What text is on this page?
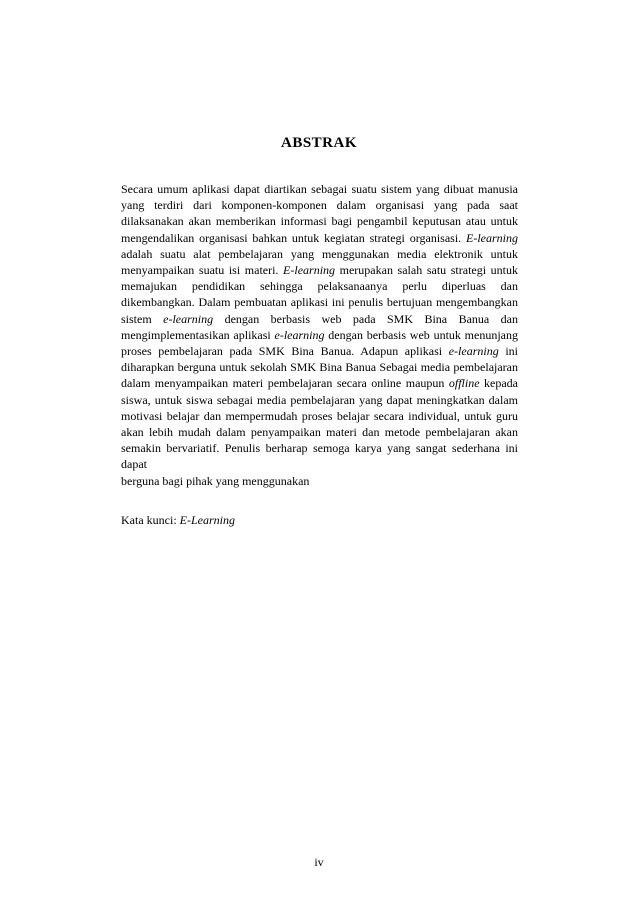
ABSTRAK
Secara umum aplikasi dapat diartikan sebagai suatu sistem yang dibuat manusia
yang terdiri dari komponen-komponen dalam organisasi yang pada saat
dilaksanakan akan memberikan informasi bagi pengambil keputusan atau untuk
mengendalikan organisasi bahkan untuk kegiatan strategi organisasi. E-learning
adalah suatu alat pembelajaran yang menggunakan media elektronik untuk
menyampaikan suatu isi materi. E-learning merupakan salah satu strategi untuk
memajukan pendidikan sehingga pelaksanaanya perlu diperluas dan
dikembangkan. Dalam pembuatan aplikasi ini penulis bertujuan mengembangkan
sistem e-learning dengan berbasis web pada SMK Bina Banua dan
mengimplementasikan aplikasi e-learning dengan berbasis web untuk menunjang
proses pembelajaran pada SMK Bina Banua. Adapun aplikasi e-learning ini
diharapkan berguna untuk sekolah SMK Bina Banua Sebagai media pembelajaran
dalam menyampaikan materi pembelajaran secara online maupun offline kepada
siswa, untuk siswa sebagai media pembelajaran yang dapat meningkatkan dalam
motivasi belajar dan mempermudah proses belajar secara individual, untuk guru
akan lebih mudah dalam penyampaikan materi dan metode pembelajaran akan
semakin bervariatif. Penulis berharap semoga karya yang sangat sederhana ini dapat
berguna bagi pihak yang menggunakan
Kata kunci: E-Learning
iv
